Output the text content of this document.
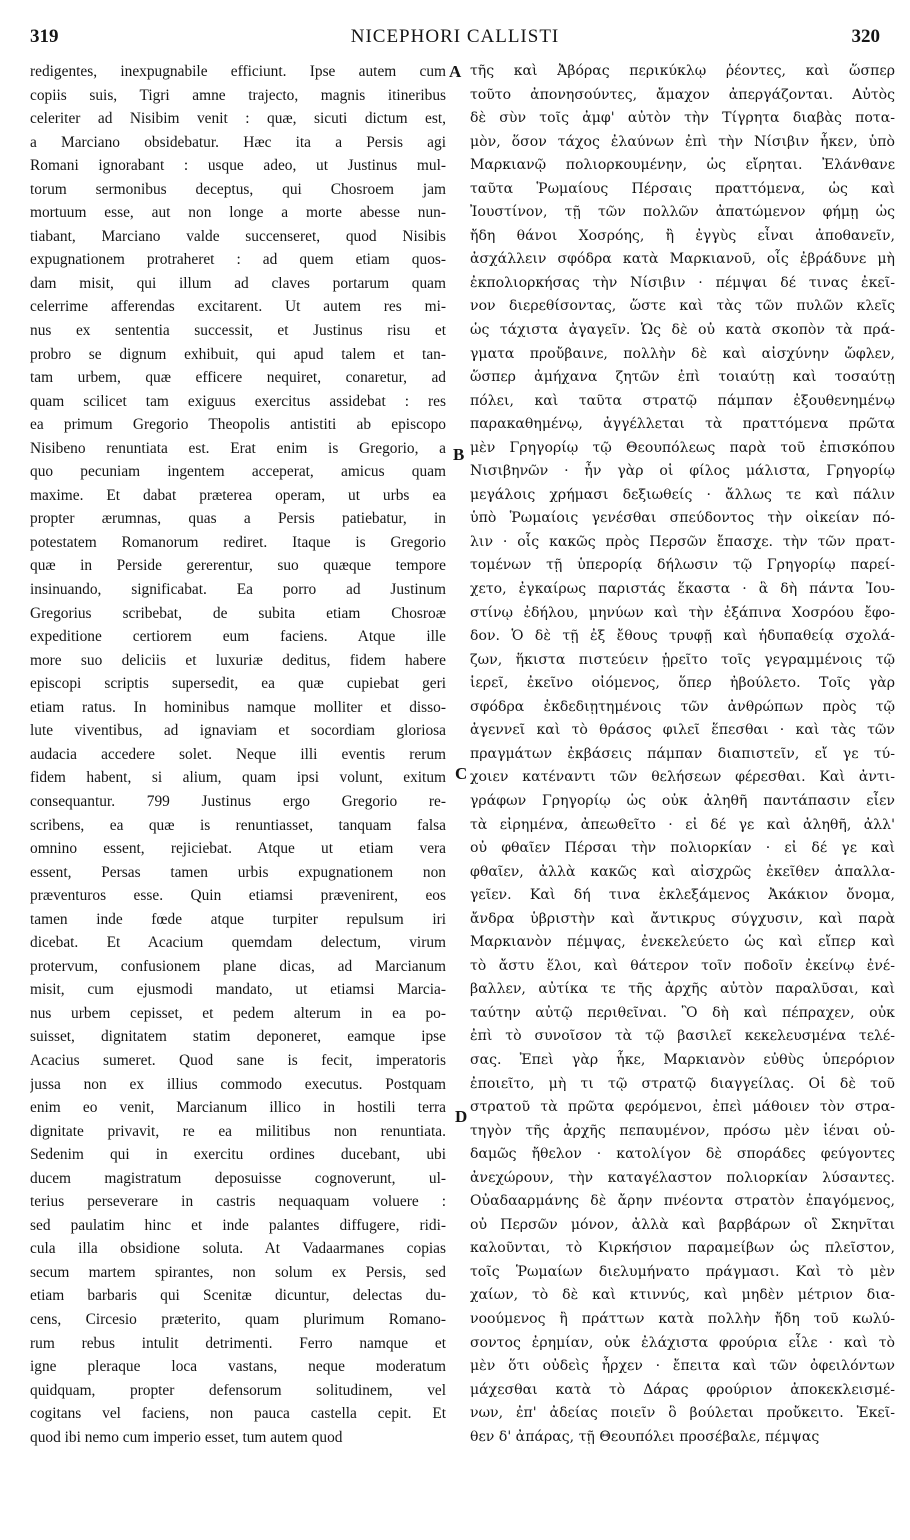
319	NICEPHORI CALLISTI	320
redigentes, inexpugnabile efficiunt. Ipse autem cum
copiis suis, Tigri amne trajecto, magnis itineribus
celeriter ad Nisibim venit : quæ, sicuti dictum est,
a Marciano obsidebatur. Hæc ita a Persis agi
Romani ignorabant : usque adeo, ut Justinus mul-
torum sermonibus deceptus, qui Chosroem jam
mortuum esse, aut non longe a morte abesse nun-
tiabant, Marciano valde succenseret, quod Nisibis
expugnationem protraheret : ad quem etiam quos-
dam misit, qui illum ad claves portarum quam
celerrime afferendas excitarent. Ut autem res mi-
nus ex sententia successit, et Justinus risu et
probro se dignum exhibuit, qui apud talem et tan-
tam urbem, quæ efficere nequiret, conaretur, ad
quam scilicet tam exiguus exercitus assidebat : res
ea primum Gregorio Theopolis antistiti ab episcopo
Nisibeno renuntiata est. Erat enim is Gregorio, a
quo pecuniam ingentem acceperat, amicus quam
maxime. Et dabat præterea operam, ut urbs ea
propter ærumnas, quas a Persis patiebatur, in
potestatem Romanorum rediret. Itaque is Gregorio
quæ in Perside gererentur, suo quæque tempore
insinuando, significabat. Ea porro ad Justinum
Gregorius scribebat, de subita etiam Chosroæ
expeditione certiorem eum faciens. Atque ille
more suo deliciis et luxuriæ deditus, fidem habere
episcopi scriptis supersedit, ea quæ cupiebat geri
etiam ratus. In hominibus namque molliter et disso-
lute viventibus, ad ignaviam et socordiam gloriosa
audacia accedere solet. Neque illi eventis rerum
fidem habent, si alium, quam ipsi volunt, exitum
consequantur. 799 Justinus ergo Gregorio re-
scribens, ea quæ is renuntiasset, tanquam falsa
omnino essent, rejiciebat. Atque ut etiam vera
essent, Persas tamen urbis expugnationem non
præventuros esse. Quin etiamsi prævenirent, eos
tamen inde fœde atque turpiter repulsum iri
dicebat. Et Acacium quemdam delectum, virum
protervum, confusionem plane dicas, ad Marcianum
misit, cum ejusmodi mandato, ut etiamsi Marcia-
nus urbem cepisset, et pedem alterum in ea po-
suisset, dignitatem statim deponeret, eamque ipse
Acacius sumeret. Quod sane is fecit, imperatoris
jussa non ex illius commodo executus. Postquam
enim eo venit, Marcianum illico in hostili terra
dignitate privavit, re ea militibus non renuntiata.
Sedenim qui in exercitu ordines ducebant, ubi
ducem magistratum deposuisse cognoverunt, ul-
terius perseverare in castris nequaquam voluere :
sed paulatim hinc et inde palantes diffugere, ridi-
cula illa obsidione soluta. At Vadaarmanes copias
secum martem spirantes, non solum ex Persis, sed
etiam barbaris qui Scenitæ dicuntur, delectas du-
cens, Circesio præterito, quam plurimum Romano-
rum rebus intulit detrimenti. Ferro namque et
igne pleraque loca vastans, neque moderatum
quidquam, propter defensorum solitudinem, vel
cogitans vel faciens, non pauca castella cepit. Et
quod ibi nemo cum imperio esset, tum autem quod
τῆς καὶ Ἀβόρας περικύκλῳ ῥέοντες, καὶ ὥσπερ
τοῦτο ἀπονησούντες, ἄμαχον ἀπεργάζονται. Αὐτὸς
δὲ σὺν τοῖς ἀμφ' αὐτὸν τὴν Τίγρητα διαβὰς ποτα-
μὸν, ὅσον τάχος ἐλαύνων ἐπὶ τὴν Νίσιβιν ἧκεν, ὑπὸ
Μαρκιανῷ πολιορκουμένην, ὡς εἴρηται. Ἐλάνθανε
ταῦτα Ῥωμαίους Πέρσαις πραττόμενα, ὡς καὶ
Ἰουστίνον, τῇ τῶν πολλῶν ἀπατώμενον φήμῃ ὡς
ἤδη θάνοι Χοσρόης, ἢ ἐγγὺς εἶναι ἀποθανεῖν,
ἀσχάλλειν σφόδρα κατὰ Μαρκιανοῦ, οἷς ἐβράδυνε μὴ
ἐκπολιορκήσας τὴν Νίσιβιν · πέμψαι δέ τινας ἐκεῖ-
νον διερεθίσοντας, ὥστε καὶ τὰς τῶν πυλῶν κλεῖς
ὡς τάχιστα ἀγαγεῖν. Ὡς δὲ οὐ κατὰ σκοπὸν τὰ πρά-
γματα προὔβαινε, πολλὴν δὲ καὶ αἰσχύνην ὤφλεν,
ὥσπερ ἀμήχανα ζητῶν ἐπὶ τοιαύτῃ καὶ τοσαύτῃ
πόλει, καὶ ταῦτα στρατῷ πάμπαν ἐξουθενημένῳ
παρακαθημένῳ, ἀγγέλλεται τὰ πραττόμενα πρῶτα
μὲν Γρηγορίῳ τῷ Θεουπόλεως παρὰ τοῦ ἐπισκόπου
Νισιβηνῶν · ἦν γὰρ οἱ φίλος μάλιστα, Γρηγορίῳ
μεγάλοις χρήμασι δεξιωθείς · ἄλλως τε καὶ πάλιν
ὑπὸ Ῥωμαίοις γενέσθαι σπεύδοντος τὴν οἰκείαν πό-
λιν · οἷς κακῶς πρὸς Περσῶν ἔπασχε. τὴν τῶν πρατ-
τομένων τῇ ὑπερορίᾳ δήλωσιν τῷ Γρηγορίῳ παρεί-
χετο, ἐγκαίρως παριστάς ἕκαστα · ἃ δὴ πάντα Ἰου-
στίνῳ ἐδήλου, μηνύων καὶ τὴν ἐξάπινα Χοσρόου ἔφο-
δον. Ὁ δὲ τῇ ἐξ ἔθους τρυφῇ καὶ ἡδυπαθείᾳ σχολά-
ζων, ἥκιστα πιστεύειν ᾑρεῖτο τοῖς γεγραμμένοις τῷ
ἱερεῖ, ἐκεῖνο οἰόμενος, ὅπερ ἠβούλετο. Τοῖς γὰρ
σφόδρα ἐκδεδιῃτημένοις τῶν ἀνθρώπων πρὸς τῷ
ἀγεννεῖ καὶ τὸ θράσος φιλεῖ ἕπεσθαι · καὶ τὰς τῶν
πραγμάτων ἐκβάσεις πάμπαν διαπιστεῖν, εἴ γε τύ-
χοιεν κατέναντι τῶν θελήσεων φέρεσθαι. Καὶ ἀντι-
γράφων Γρηγορίῳ ὡς οὐκ ἀληθῆ παντάπασιν εἶεν
τὰ εἰρημένα, ἀπεωθεῖτο · εἰ δέ γε καὶ ἀληθῆ, ἀλλ'
οὐ φθαῖεν Πέρσαι τὴν πολιορκίαν · εἰ δέ γε καὶ
φθαῖεν, ἀλλὰ κακῶς καὶ αἰσχρῶς ἐκεῖθεν ἀπαλλα-
γεῖεν. Καὶ δή τινα ἐκλεξάμενος Ἀκάκιον ὄνομα,
ἄνδρα ὑβριστὴν καὶ ἄντικρυς σύγχυσιν, καὶ παρὰ
Μαρκιανὸν πέμψας, ἐνεκελεύετο ὡς καὶ εἴπερ καὶ
τὸ ἄστυ ἕλοι, καὶ θάτερον τοῖν ποδοῖν ἐκείνῳ ἐνέ-
βαλλεν, αὐτίκα τε τῆς ἀρχῆς αὐτὸν παραλῦσαι, καὶ
ταύτην αὐτῷ περιθεῖναι. Ὃ δὴ καὶ πέπραχεν, οὐκ
ἐπὶ τὸ συνοῖσον τὰ τῷ βασιλεῖ κεκελευσμένα τελέ-
σας. Ἐπεὶ γὰρ ἧκε, Μαρκιανὸν εὐθὺς ὑπερόριον
ἐποιεῖτο, μὴ τι τῷ στρατῷ διαγγείλας. Οἱ δὲ τοῦ
στρατοῦ τὰ πρῶτα φερόμενοι, ἐπεὶ μάθοιεν τὸν στρα-
τηγὸν τῆς ἀρχῆς πεπαυμένον, πρόσω μὲν ἰέναι οὐ-
δαμῶς ἤθελον · κατολίγον δὲ σποράδες φεύγοντες
ἀνεχώρουν, τὴν καταγέλαστον πολιορκίαν λύσαντες.
Οὐαδααρμάνης δὲ ἄρην πνέοντα στρατὸν ἐπαγόμενος,
οὐ Περσῶν μόνον, ἀλλὰ καὶ βαρβάρων οἳ Σκηνῖται
καλοῦνται, τὸ Κιρκήσιον παραμείβων ὡς πλεῖστον,
τοῖς Ῥωμαίων διελυμήνατο πράγμασι. Καὶ τὸ μὲν
χαίων, τὸ δὲ καὶ κτιννύς, καὶ μηδὲν μέτριον δια-
νοούμενος ἢ πράττων κατὰ πολλὴν ἤδη τοῦ κωλύ-
σοντος ἐρημίαν, οὐκ ἐλάχιστα φρούρια εἷλε · καὶ τὸ
μὲν ὅτι οὐδεὶς ἦρχεν · ἔπειτα καὶ τῶν ὀφειλόντων
μάχεσθαι κατὰ τὸ Δάρας φρούριον ἀποκεκλεισμέ-
νων, ἐπ' ἀδείας ποιεῖν ὃ βούλεται προὔκειτο. Ἐκεῖ-
θεν δ' ἀπάρας, τῇ Θεουπόλει προσέβαλε, πέμψας
A
B
C
D
